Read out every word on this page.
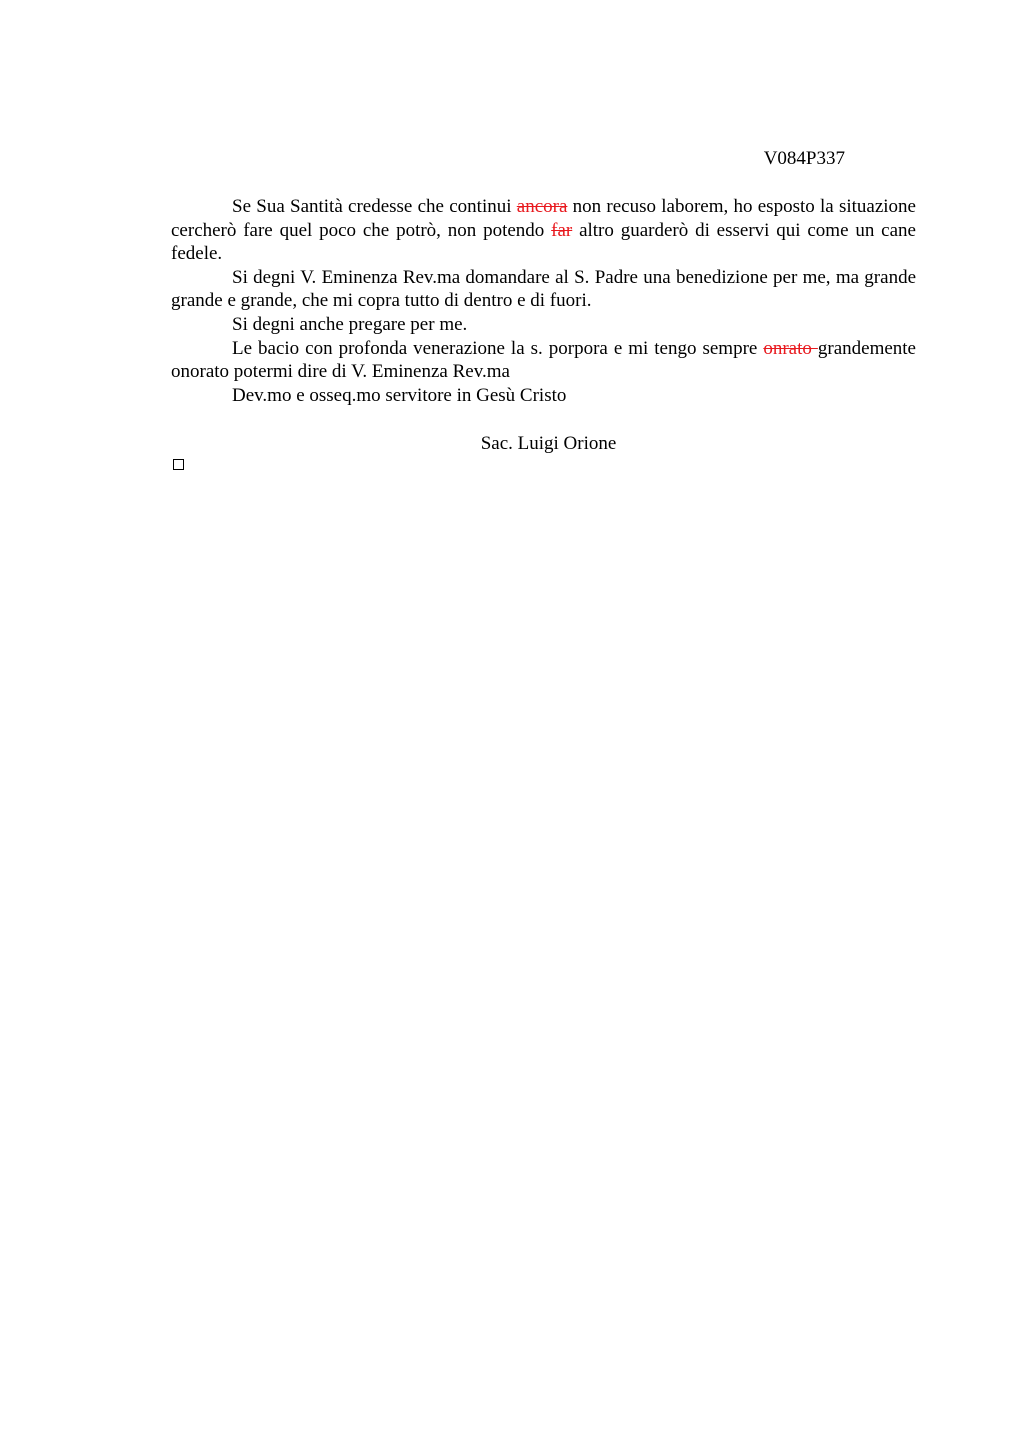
V084P337

Se Sua Santità credesse che continui ancora non recuso laborem, ho esposto la situazione cercherò fare quel poco che potrò, non potendo far altro guarderò di esservi qui come un cane fedele.

Si degni V. Eminenza Rev.ma domandare al S. Padre una benedizione per me, ma grande grande e grande, che mi copra tutto di dentro e di fuori.

Si degni anche pregare per me.

Le bacio con profonda venerazione la s. porpora e mi tengo sempre onrato grandemente onorato potermi dire di V. Eminenza Rev.ma

Dev.mo e osseq.mo servitore in Gesù Cristo

Sac. Luigi Orione
